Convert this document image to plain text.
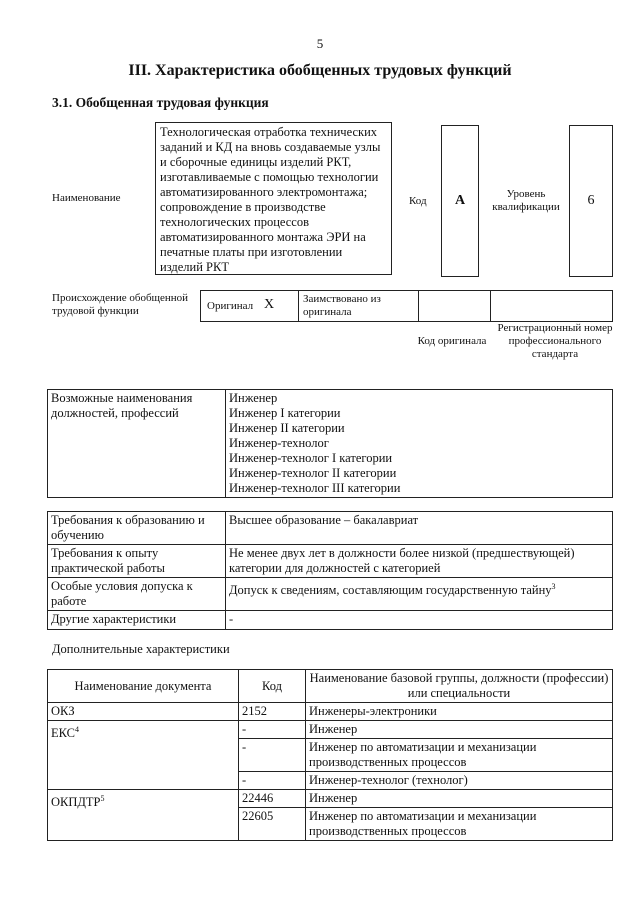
5
III. Характеристика обобщенных трудовых функций
3.1. Обобщенная трудовая функция
Наименование
Технологическая отработка технических заданий и КД на вновь создаваемые узлы и сборочные единицы изделий РКТ, изготавливаемые с помощью технологии автоматизированного электромонтажа; сопровождение в производстве технологических процессов автоматизированного монтажа ЭРИ на печатные платы при изготовлении изделий РКТ
Код	А	Уровень квалификации	6
Происхождение обобщенной трудовой функции	Оригинал X	Заимствовано из оригинала
Код оригинала
Регистрационный номер профессионального стандарта
Возможные наименования должностей, профессий	
Инженер
Инженер I категории
Инженер II категории
Инженер-технолог
Инженер-технолог I категории
Инженер-технолог II категории
Инженер-технолог III категории
Требования к образованию и обучению	Высшее образование – бакалавриат
Требования к опыту практической работы	Не менее двух лет в должности более низкой (предшествующей) категории для должностей с категорией
Особые условия допуска к работе	Допуск к сведениям, составляющим государственную тайну$^3$
Другие характеристики	-
Дополнительные характеристики
Наименование документа	Код	Наименование базовой группы, должности (профессии) или специальности
ОКЗ	2152	Инженеры-электроники
ЕКС$^4$	-	Инженер
	-	Инженер по автоматизации и механизации производственных процессов
	-	Инженер-технолог (технолог)
ОКПДТР$^5$	22446	Инженер
	22605	Инженер по автоматизации и механизации производственных процессов
